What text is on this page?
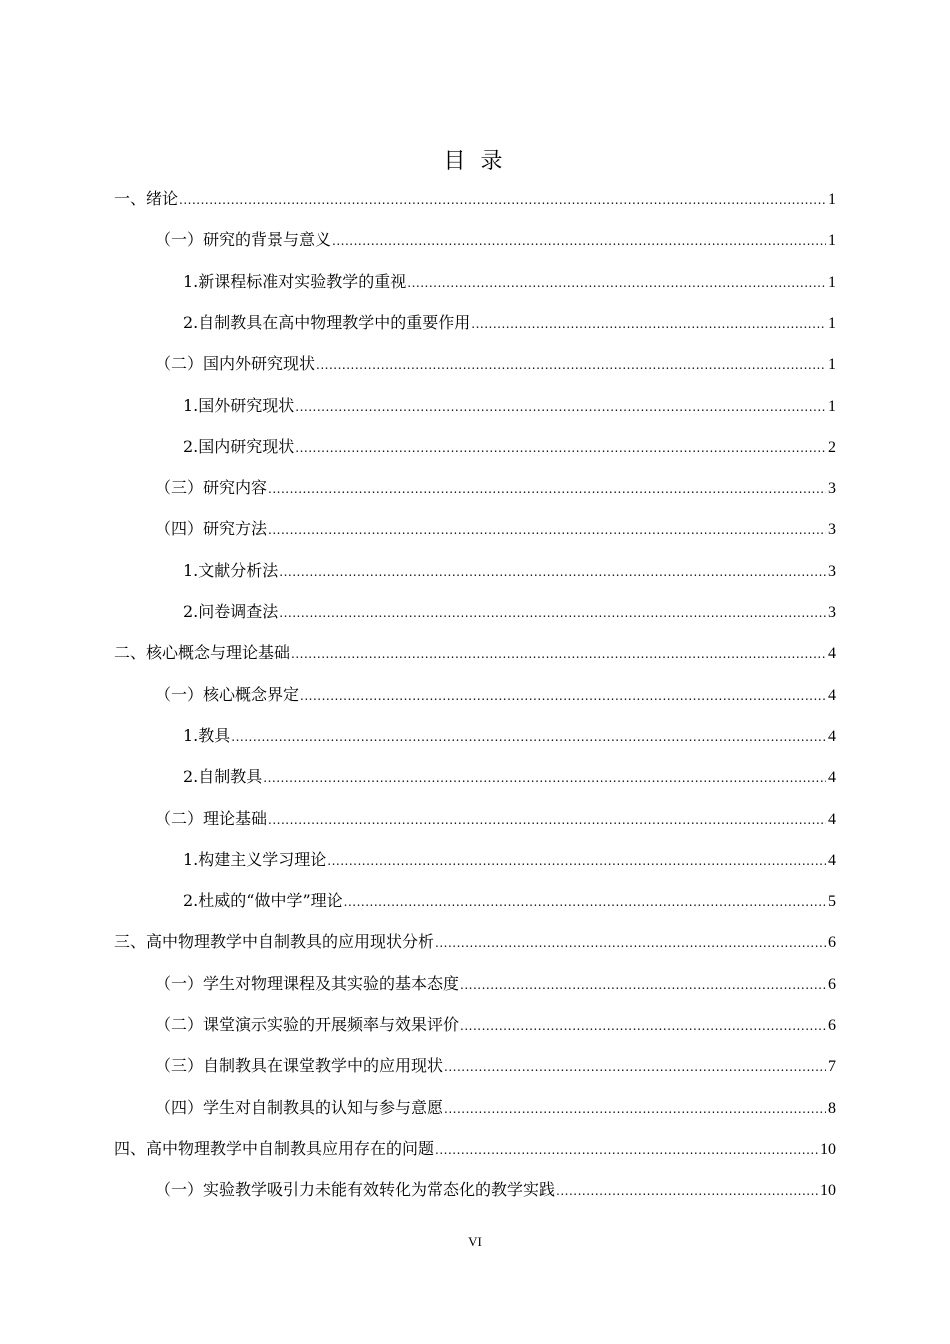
目 录
一、 绪论 .....	1
（一） 研究的背景与意义 .....	1
1. 新课程标准对实验教学的重视 .....	1
2. 自制教具在高中物理教学中的重要作用 .....	1
（二） 国内外研究现状 .....	1
1. 国外研究现状 .....	1
2. 国内研究现状 .....	2
（三） 研究内容 .....	3
（四） 研究方法 .....	3
1. 文献分析法 .....	3
2. 问卷调查法 .....	3
二、 核心概念与理论基础 .....	4
（一） 核心概念界定 .....	4
1. 教具 .....	4
2. 自制教具 .....	4
（二） 理论基础 .....	4
1. 构建主义学习理论 .....	4
2. 杜威的“做中学”理论 .....	5
三、 高中物理教学中自制教具的应用现状分析 .....	6
（一） 学生对物理课程及其实验的基本态度 .....	6
（二） 课堂演示实验的开展频率与效果评价 .....	6
（三） 自制教具在课堂教学中的应用现状 .....	7
（四） 学生对自制教具的认知与参与意愿 .....	8
四、 高中物理教学中自制教具应用存在的问题 .....	10
（一） 实验教学吸引力未能有效转化为常态化的教学实践 .....	10
VI
